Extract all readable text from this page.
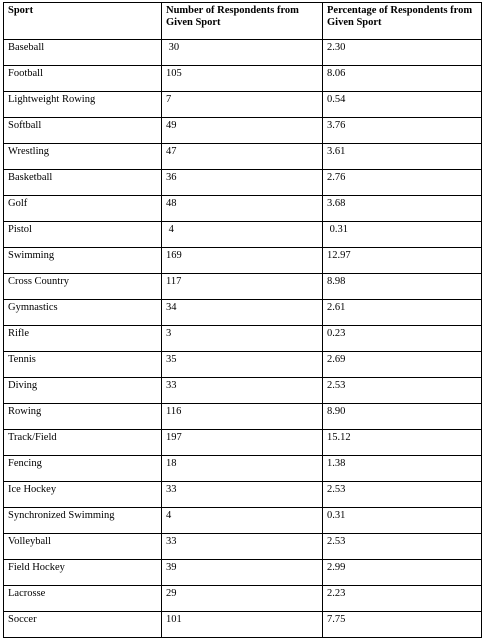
Sport	Number of Respondents from Given Sport	Percentage of Respondents from Given Sport
Baseball	30	2.30
Football	105	8.06
Lightweight Rowing	7	0.54
Softball	49	3.76
Wrestling	47	3.61
Basketball	36	2.76
Golf	48	3.68
Pistol	4	0.31
Swimming	169	12.97
Cross Country	117	8.98
Gymnastics	34	2.61
Rifle	3	0.23
Tennis	35	2.69
Diving	33	2.53
Rowing	116	8.90
Track/Field	197	15.12
Fencing	18	1.38
Ice Hockey	33	2.53
Synchronized Swimming	4	0.31
Volleyball	33	2.53
Field Hockey	39	2.99
Lacrosse	29	2.23
Soccer	101	7.75
